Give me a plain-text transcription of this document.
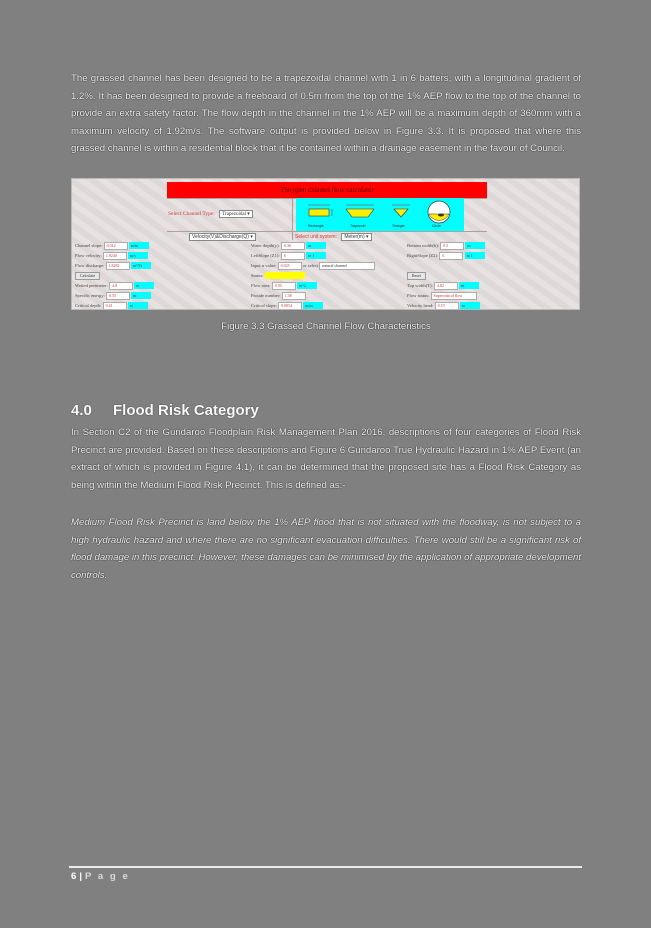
The grassed channel has been designed to be a trapezoidal channel with 1 in 6 batters, with a longitudinal gradient of 1.2%. It has been designed to provide a freeboard of 0.5m from the top of the 1% AEP flow to the top of the channel to provide an extra safety factor. The flow depth in the channel in the 1% AEP will be a maximum depth of 360mm with a maximum velocity of 1.92m/s. The software output is provided below in Figure 3.3. It is proposed that where this grassed channel is within a residential block that it be contained within a drainage easement in the favour of Council.
The open channel flow calculator
Select Channel Type: Trapezoidal ▾
Rectangle	Trapezoid	Triangle	Circle
Velocity(V)&Discharge(Q) ▾	Select unit system: Meter(m) ▾
Channel slope: 0.012	m/m	Water depth(y): 0.36	m	Bottom width(b): 0.5	m
Flow velocity: 1.9240	m/s	LeftSlope (Z1): 6	to 1	RightSlope (Z2): 6	to 1
Flow discharge: 1.8282	m^3/s	Input n value: 0.025	or select natural channel
Calculate	Status:	Reset
Wetted perimeter: 4.8	m	Flow area: 0.95	m^2	Top width(T): 4.82	m
Specific energy: 0.55	m	Froude number: 1.38	Flow status: Supercritical flow
Critical depth: 0.41	m	Critical slope: 0.0054	m/m	Velocity head: 0.19	m
Figure 3.3 Grassed Channel Flow Characteristics
4.0 Flood Risk Category
In Section C2 of the Gundaroo Floodplain Risk Management Plan 2016, descriptions of four categories of Flood Risk Precinct are provided. Based on these descriptions and Figure 6 Gundaroo True Hydraulic Hazard in 1% AEP Event (an extract of which is provided in Figure 4.1), it can be determined that the proposed site has a Flood Risk Category as being within the Medium Flood Risk Precinct. This is defined as:-
Medium Flood Risk Precinct is land below the 1% AEP flood that is not situated with the floodway, is not subject to a high hydraulic hazard and where there are no significant evacuation difficulties. There would still be a significant risk of flood damage in this precinct. However, these damages can be minimised by the application of appropriate development controls.
6 | P a g e
